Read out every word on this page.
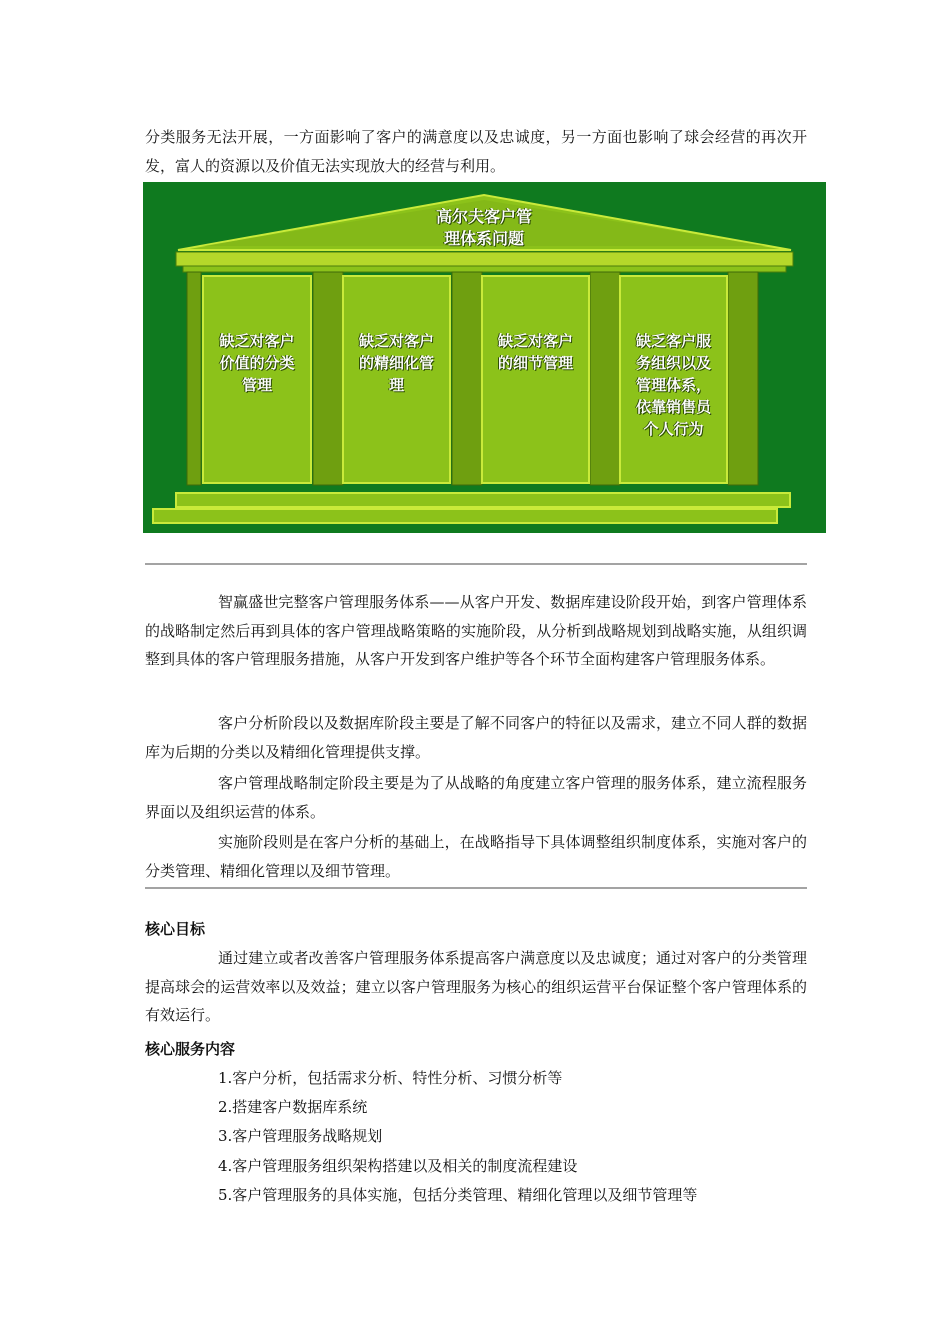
分类服务无法开展，一方面影响了客户的满意度以及忠诚度，另一方面也影响了球会经营的再次开发，富人的资源以及价值无法实现放大的经营与利用。

高尔夫客户管
理体系问题
缺乏对客户
价值的分类
管理
缺乏对客户
的精细化管
理
缺乏对客户
的细节管理
缺乏客户服
务组织以及
管理体系，
依靠销售员
个人行为

智赢盛世完整客户管理服务体系——从客户开发、数据库建设阶段开始，到客户管理体系的战略制定然后再到具体的客户管理战略策略的实施阶段，从分析到战略规划到战略实施，从组织调整到具体的客户管理服务措施，从客户开发到客户维护等各个环节全面构建客户管理服务体系。

客户分析阶段以及数据库阶段主要是了解不同客户的特征以及需求，建立不同人群的数据库为后期的分类以及精细化管理提供支撑。

客户管理战略制定阶段主要是为了从战略的角度建立客户管理的服务体系，建立流程服务界面以及组织运营的体系。

实施阶段则是在客户分析的基础上，在战略指导下具体调整组织制度体系，实施对客户的分类管理、精细化管理以及细节管理。

核心目标

通过建立或者改善客户管理服务体系提高客户满意度以及忠诚度；通过对客户的分类管理提高球会的运营效率以及效益；建立以客户管理服务为核心的组织运营平台保证整个客户管理体系的有效运行。

核心服务内容

1.客户分析，包括需求分析、特性分析、习惯分析等

2.搭建客户数据库系统

3.客户管理服务战略规划

4.客户管理服务组织架构搭建以及相关的制度流程建设

5.客户管理服务的具体实施，包括分类管理、精细化管理以及细节管理等
